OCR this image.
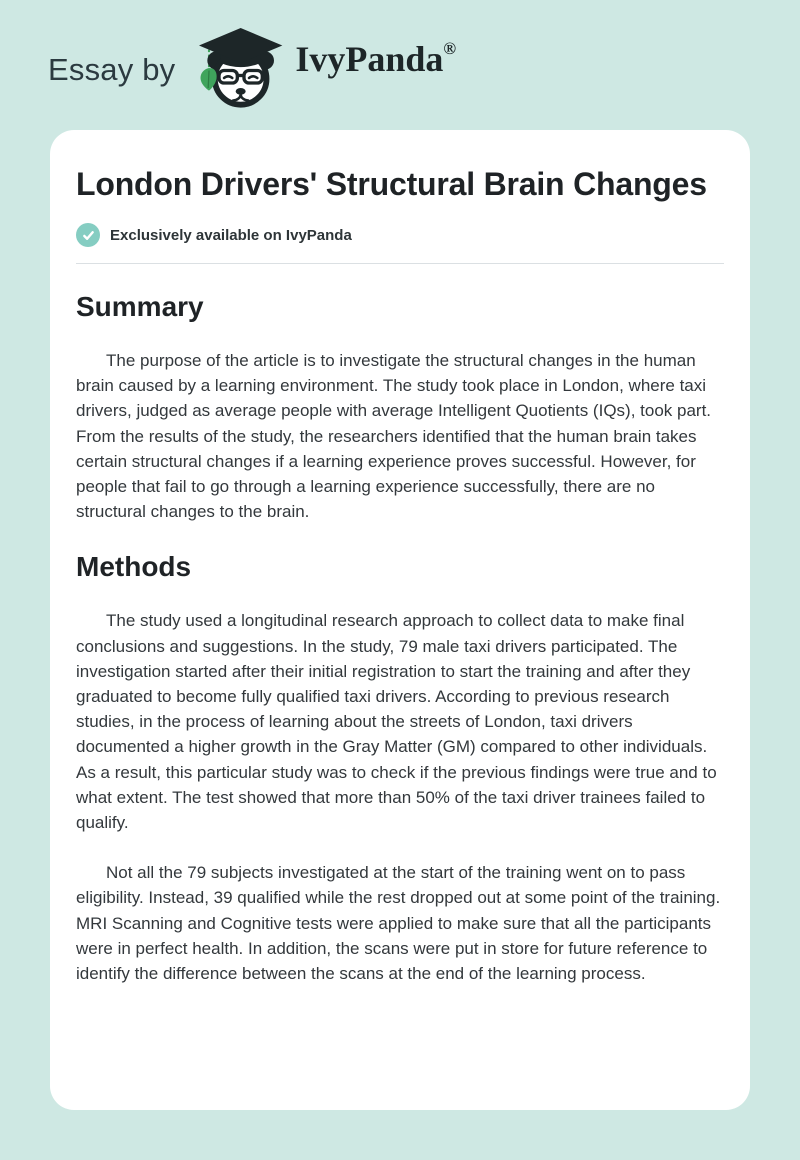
Essay by	IvyPanda ®
London Drivers' Structural Brain Changes
Exclusively available on IvyPanda
Summary

The purpose of the article is to investigate the structural changes in the human brain caused by a learning environment. The study took place in London, where taxi drivers, judged as average people with average Intelligent Quotients (IQs), took part. From the results of the study, the researchers identified that the human brain takes certain structural changes if a learning experience proves successful. However, for people that fail to go through a learning experience successfully, there are no structural changes to the brain.

Methods

The study used a longitudinal research approach to collect data to make final conclusions and suggestions. In the study, 79 male taxi drivers participated. The investigation started after their initial registration to start the training and after they graduated to become fully qualified taxi drivers. According to previous research studies, in the process of learning about the streets of London, taxi drivers documented a higher growth in the Gray Matter (GM) compared to other individuals. As a result, this particular study was to check if the previous findings were true and to what extent. The test showed that more than 50% of the taxi driver trainees failed to qualify.

Not all the 79 subjects investigated at the start of the training went on to pass eligibility. Instead, 39 qualified while the rest dropped out at some point of the training. MRI Scanning and Cognitive tests were applied to make sure that all the participants were in perfect health. In addition, the scans were put in store for future reference to identify the difference between the scans at the end of the learning process.
